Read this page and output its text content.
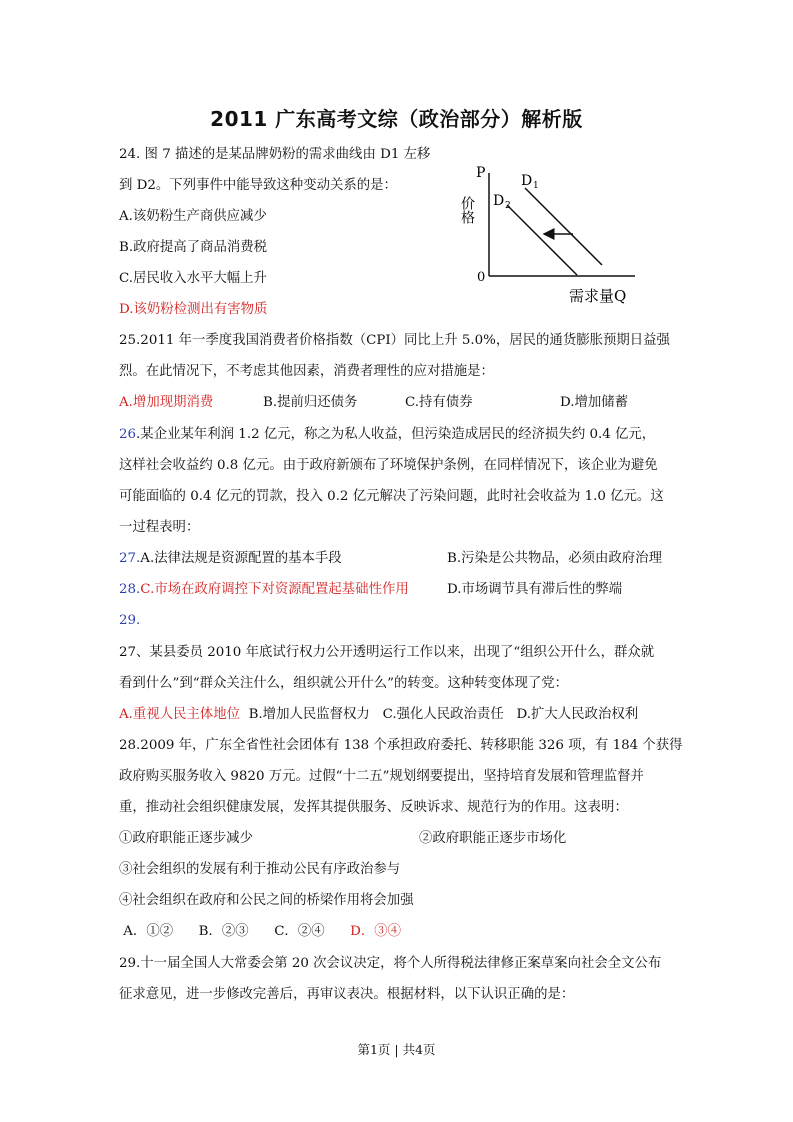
2011 广东高考文综（政治部分）解析版
24. 图 7 描述的是某品牌奶粉的需求曲线由 D1 左移
到 D2。下列事件中能导致这种变动关系的是：
A.该奶粉生产商供应减少
B.政府提高了商品消费税
C.居民收入水平大幅上升
D.该奶粉检测出有害物质
P
价格
0
需求量Q
D 1
D 2
25.2011 年一季度我国消费者价格指数（CPI）同比上升 5.0%，居民的通货膨胀预期日益强
烈。在此情况下，不考虑其他因素，消费者理性的应对措施是：
A.增加现期消费	B.提前归还债务	C.持有债券	D.增加储蓄
26.某企业某年利润 1.2 亿元，称之为私人收益，但污染造成居民的经济损失约 0.4 亿元，
这样社会收益约 0.8 亿元。由于政府新颁布了环境保护条例，在同样情况下，该企业为避免
可能面临的 0.4 亿元的罚款，投入 0.2 亿元解决了污染问题，此时社会收益为 1.0 亿元。这
一过程表明：
27.A.法律法规是资源配置的基本手段	B.污染是公共物品，必须由政府治理
28.C.市场在政府调控下对资源配置起基础性作用	D.市场调节具有滞后性的弊端
29.
27、某县委员 2010 年底试行权力公开透明运行工作以来，出现了“组织公开什么，群众就
看到什么”到“群众关注什么，组织就公开什么”的转变。这种转变体现了党：
A.重视人民主体地位  B.增加人民监督权力   C.强化人民政治责任   D.扩大人民政治权利
28.2009 年，广东全省性社会团体有 138 个承担政府委托、转移职能 326 项，有 184 个获得
政府购买服务收入 9820 万元。过假“十二五”规划纲要提出，坚持培育发展和管理监督并
重，推动社会组织健康发展，发挥其提供服务、反映诉求、规范行为的作用。这表明：
①政府职能正逐步减少	②政府职能正逐步市场化
③社会组织的发展有利于推动公民有序政治参与
④社会组织在政府和公民之间的桥梁作用将会加强
A．①②      B．②③      C．②④      D．③④
29.十一届全国人大常委会第 20 次会议决定，将个人所得税法律修正案草案向社会全文公布
征求意见，进一步修改完善后，再审议表决。根据材料，以下认识正确的是：
第1页 | 共4页
